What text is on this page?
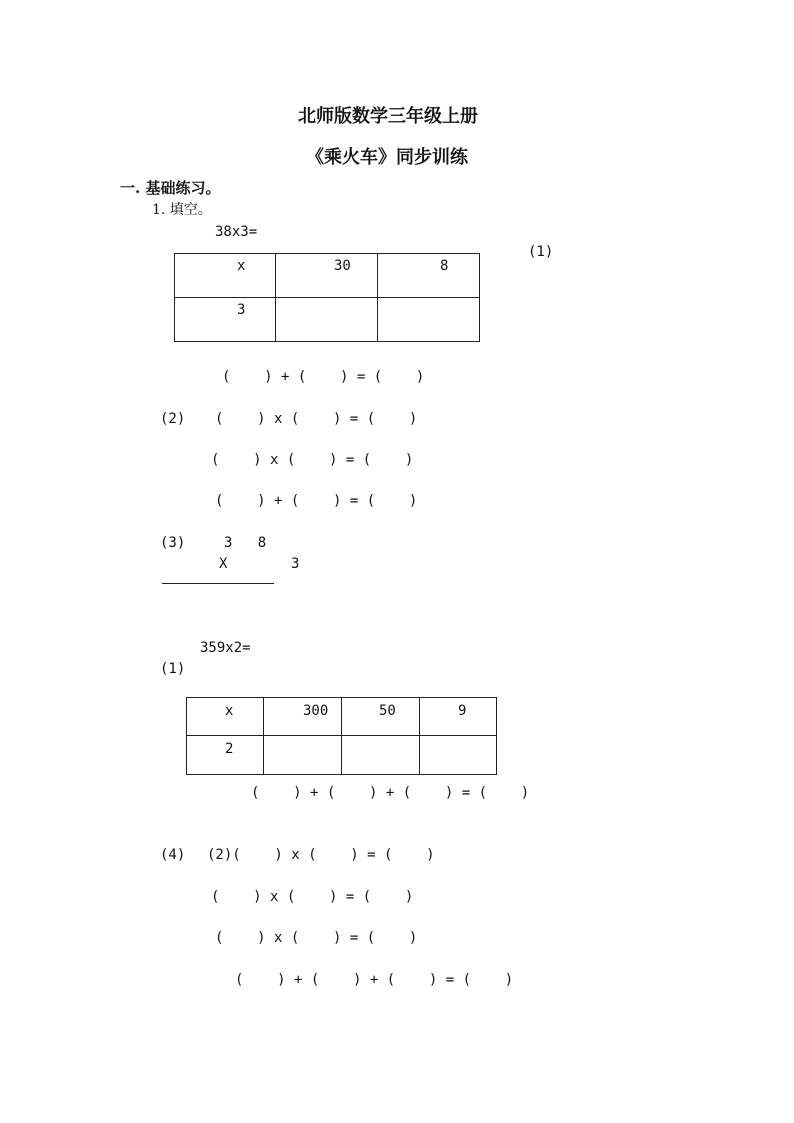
北师版数学三年级上册
《乘火车》同步训练
一. 基础练习。
1. 填空。
38x3=
(1)
x	30	8
3		
(    ) + (    ) = (    )
(2) (    ) x (    ) = (    )
(    ) x (    ) = (    )
(    ) + (    ) = (    )
(3)	3   8
X	3
359x2=
(1)
x	300	50	9
2			
(    ) + (    ) + (    ) = (    )
(4) (2)(    ) x (    ) = (    )
(    ) x (    ) = (    )
(    ) x (    ) = (    )
(    ) + (    ) + (    ) = (    )
